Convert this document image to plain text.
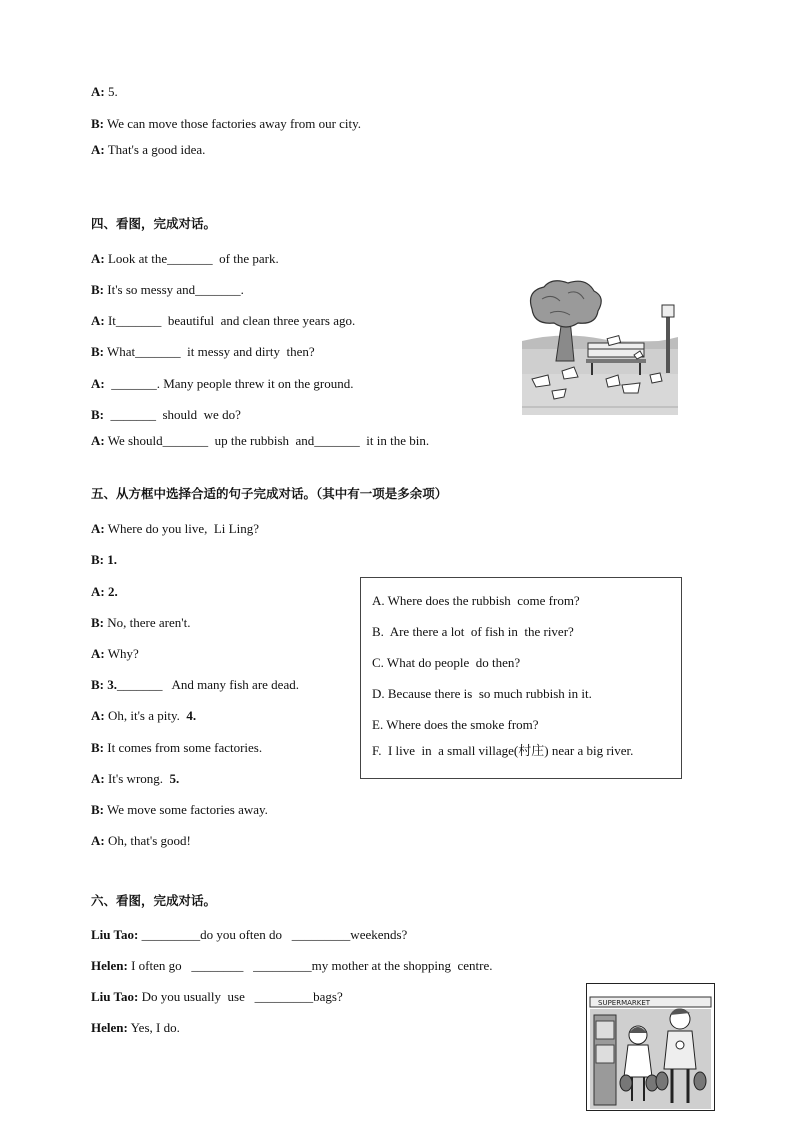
A: 5.
B: We can move those factories away from our city.
A: That's a good idea.
四、看图，完成对话。
A: Look at the_______  of the park.
B: It's so messy and_______.
A: It_______  beautiful  and clean three years ago.
B: What_______  it messy and dirty  then?
A:  _______. Many people threw it on the ground.
B:  _______  should  we do?
A: We should_______  up the rubbish  and_______  it in the bin.
五、从方框中选择合适的句子完成对话。（其中有一项是多余项）
A: Where do you live,  Li Ling?
B: 1.
A: 2.
B: No, there aren't.
A: Why?
B: 3._______   And many fish are dead.
A: Oh, it's a pity.  4.
B: It comes from some factories.
A: It's wrong.  5.
B: We move some factories away.
A: Oh, that's good!
A. Where does the rubbish  come from?
B.  Are there a lot  of fish in  the river?
C. What do people  do then?
D. Because there is  so much rubbish in it.
E. Where does the smoke from?
F.  I live  in  a small village(村庄) near a big river.
六、看图，完成对话。
Liu Tao: _________do you often do   _________weekends?
Helen: I often go   ________   _________my mother at the shopping  centre.
Liu Tao: Do you usually  use   _________bags?
Helen: Yes, I do.
SUPERMARKET
